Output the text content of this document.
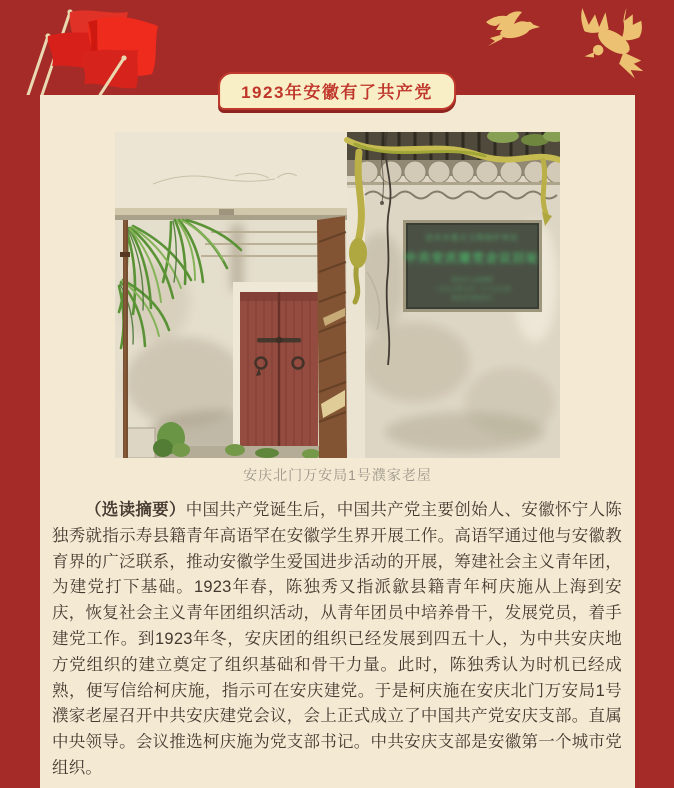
1923年安徽有了共产党
安庆市重点文物保护单位
中共安庆建党会议旧址
安庆市人民政府
一九九五年七月二十八日公布
安庆市文化局立
安庆北门万安局1号濮家老屋

（选读摘要）中国共产党诞生后，中国共产党主要创始人、安徽怀宁人陈独秀就指示寿县籍青年高语罕在安徽学生界开展工作。高语罕通过他与安徽教育界的广泛联系，推动安徽学生爱国进步活动的开展，筹建社会主义青年团，为建党打下基础。1923年春，陈独秀又指派歙县籍青年柯庆施从上海到安庆，恢复社会主义青年团组织活动，从青年团员中培养骨干，发展党员，着手建党工作。到1923年冬，安庆团的组织已经发展到四五十人，为中共安庆地方党组织的建立奠定了组织基础和骨干力量。此时，陈独秀认为时机已经成熟，便写信给柯庆施，指示可在安庆建党。于是柯庆施在安庆北门万安局1号濮家老屋召开中共安庆建党会议，会上正式成立了中国共产党安庆支部。直属中央领导。会议推选柯庆施为党支部书记。中共安庆支部是安徽第一个城市党组织。
